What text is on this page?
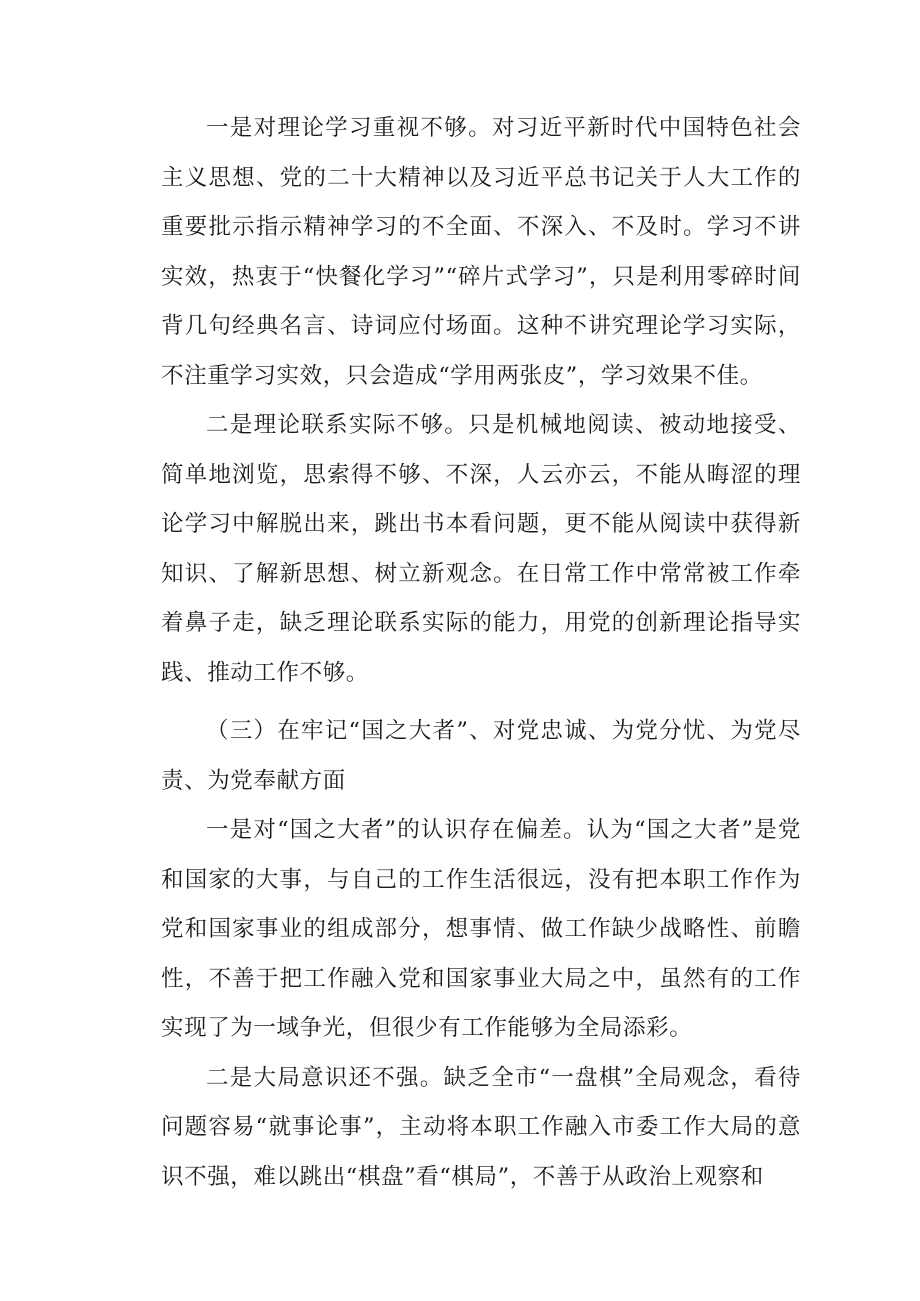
一是对理论学习重视不够。对习近平新时代中国特色社会主义思想、党的二十大精神以及习近平总书记关于人大工作的重要批示指示精神学习的不全面、不深入、不及时。学习不讲实效，热衷于“快餐化学习”“碎片式学习”，只是利用零碎时间背几句经典名言、诗词应付场面。这种不讲究理论学习实际，不注重学习实效，只会造成“学用两张皮”，学习效果不佳。

二是理论联系实际不够。只是机械地阅读、被动地接受、简单地浏览，思索得不够、不深，人云亦云，不能从晦涩的理论学习中解脱出来，跳出书本看问题，更不能从阅读中获得新知识、了解新思想、树立新观念。在日常工作中常常被工作牵着鼻子走，缺乏理论联系实际的能力，用党的创新理论指导实践、推动工作不够。

（三）在牢记“国之大者”、对党忠诚、为党分忧、为党尽责、为党奉献方面

一是对“国之大者”的认识存在偏差。认为“国之大者”是党和国家的大事，与自己的工作生活很远，没有把本职工作作为党和国家事业的组成部分，想事情、做工作缺少战略性、前瞻性，不善于把工作融入党和国家事业大局之中，虽然有的工作实现了为一域争光，但很少有工作能够为全局添彩。

二是大局意识还不强。缺乏全市“一盘棋”全局观念，看待问题容易“就事论事”，主动将本职工作融入市委工作大局的意识不强，难以跳出“棋盘”看“棋局”，不善于从政治上观察和
